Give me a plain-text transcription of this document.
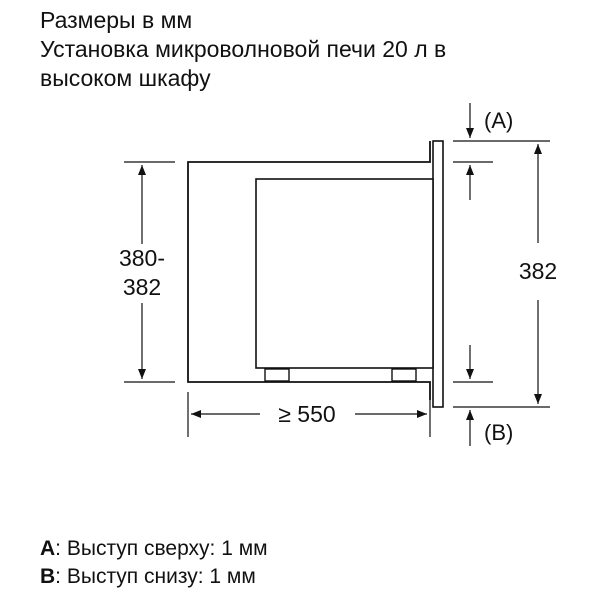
Размеры в мм
Установка микроволновой печи 20 л в
высоком шкафу
380-
382
≥ 550
382
(A)
(B)
A: Выступ сверху: 1 мм
B: Выступ снизу: 1 мм
